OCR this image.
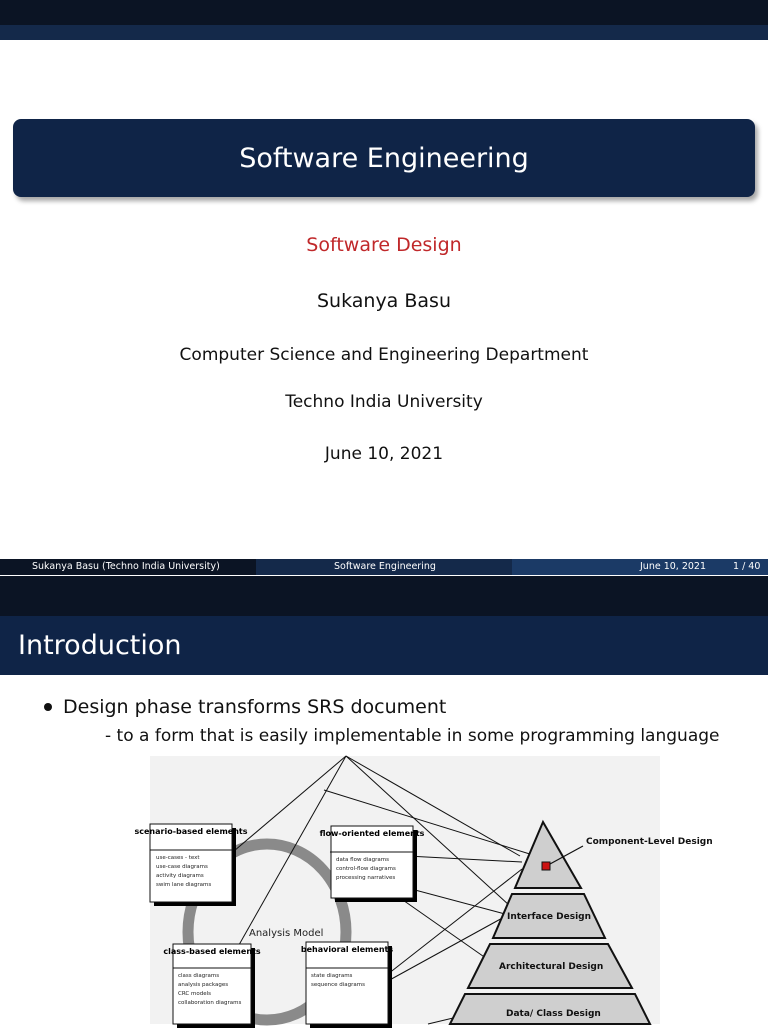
Software Engineering
Software Design
Sukanya Basu
Computer Science and Engineering Department
Techno India University
June 10, 2021
Sukanya Basu (Techno India University)	Software Engineering	June 10, 2021	1 / 40
Introduction
Design phase transforms SRS document
- to a form that is easily implementable in some programming language
Analysis Model
Component-Level Design
Interface Design
Architectural Design
Data/ Class Design
scenario-based elements
use-cases - text
use-case diagrams
activity diagrams
swim lane diagrams
flow-oriented elements
data flow diagrams
control-flow diagrams
processing narratives
class-based elements
class diagrams
analysis packages
CRC models
collaboration diagrams
behavioral elements
state diagrams
sequence diagrams
